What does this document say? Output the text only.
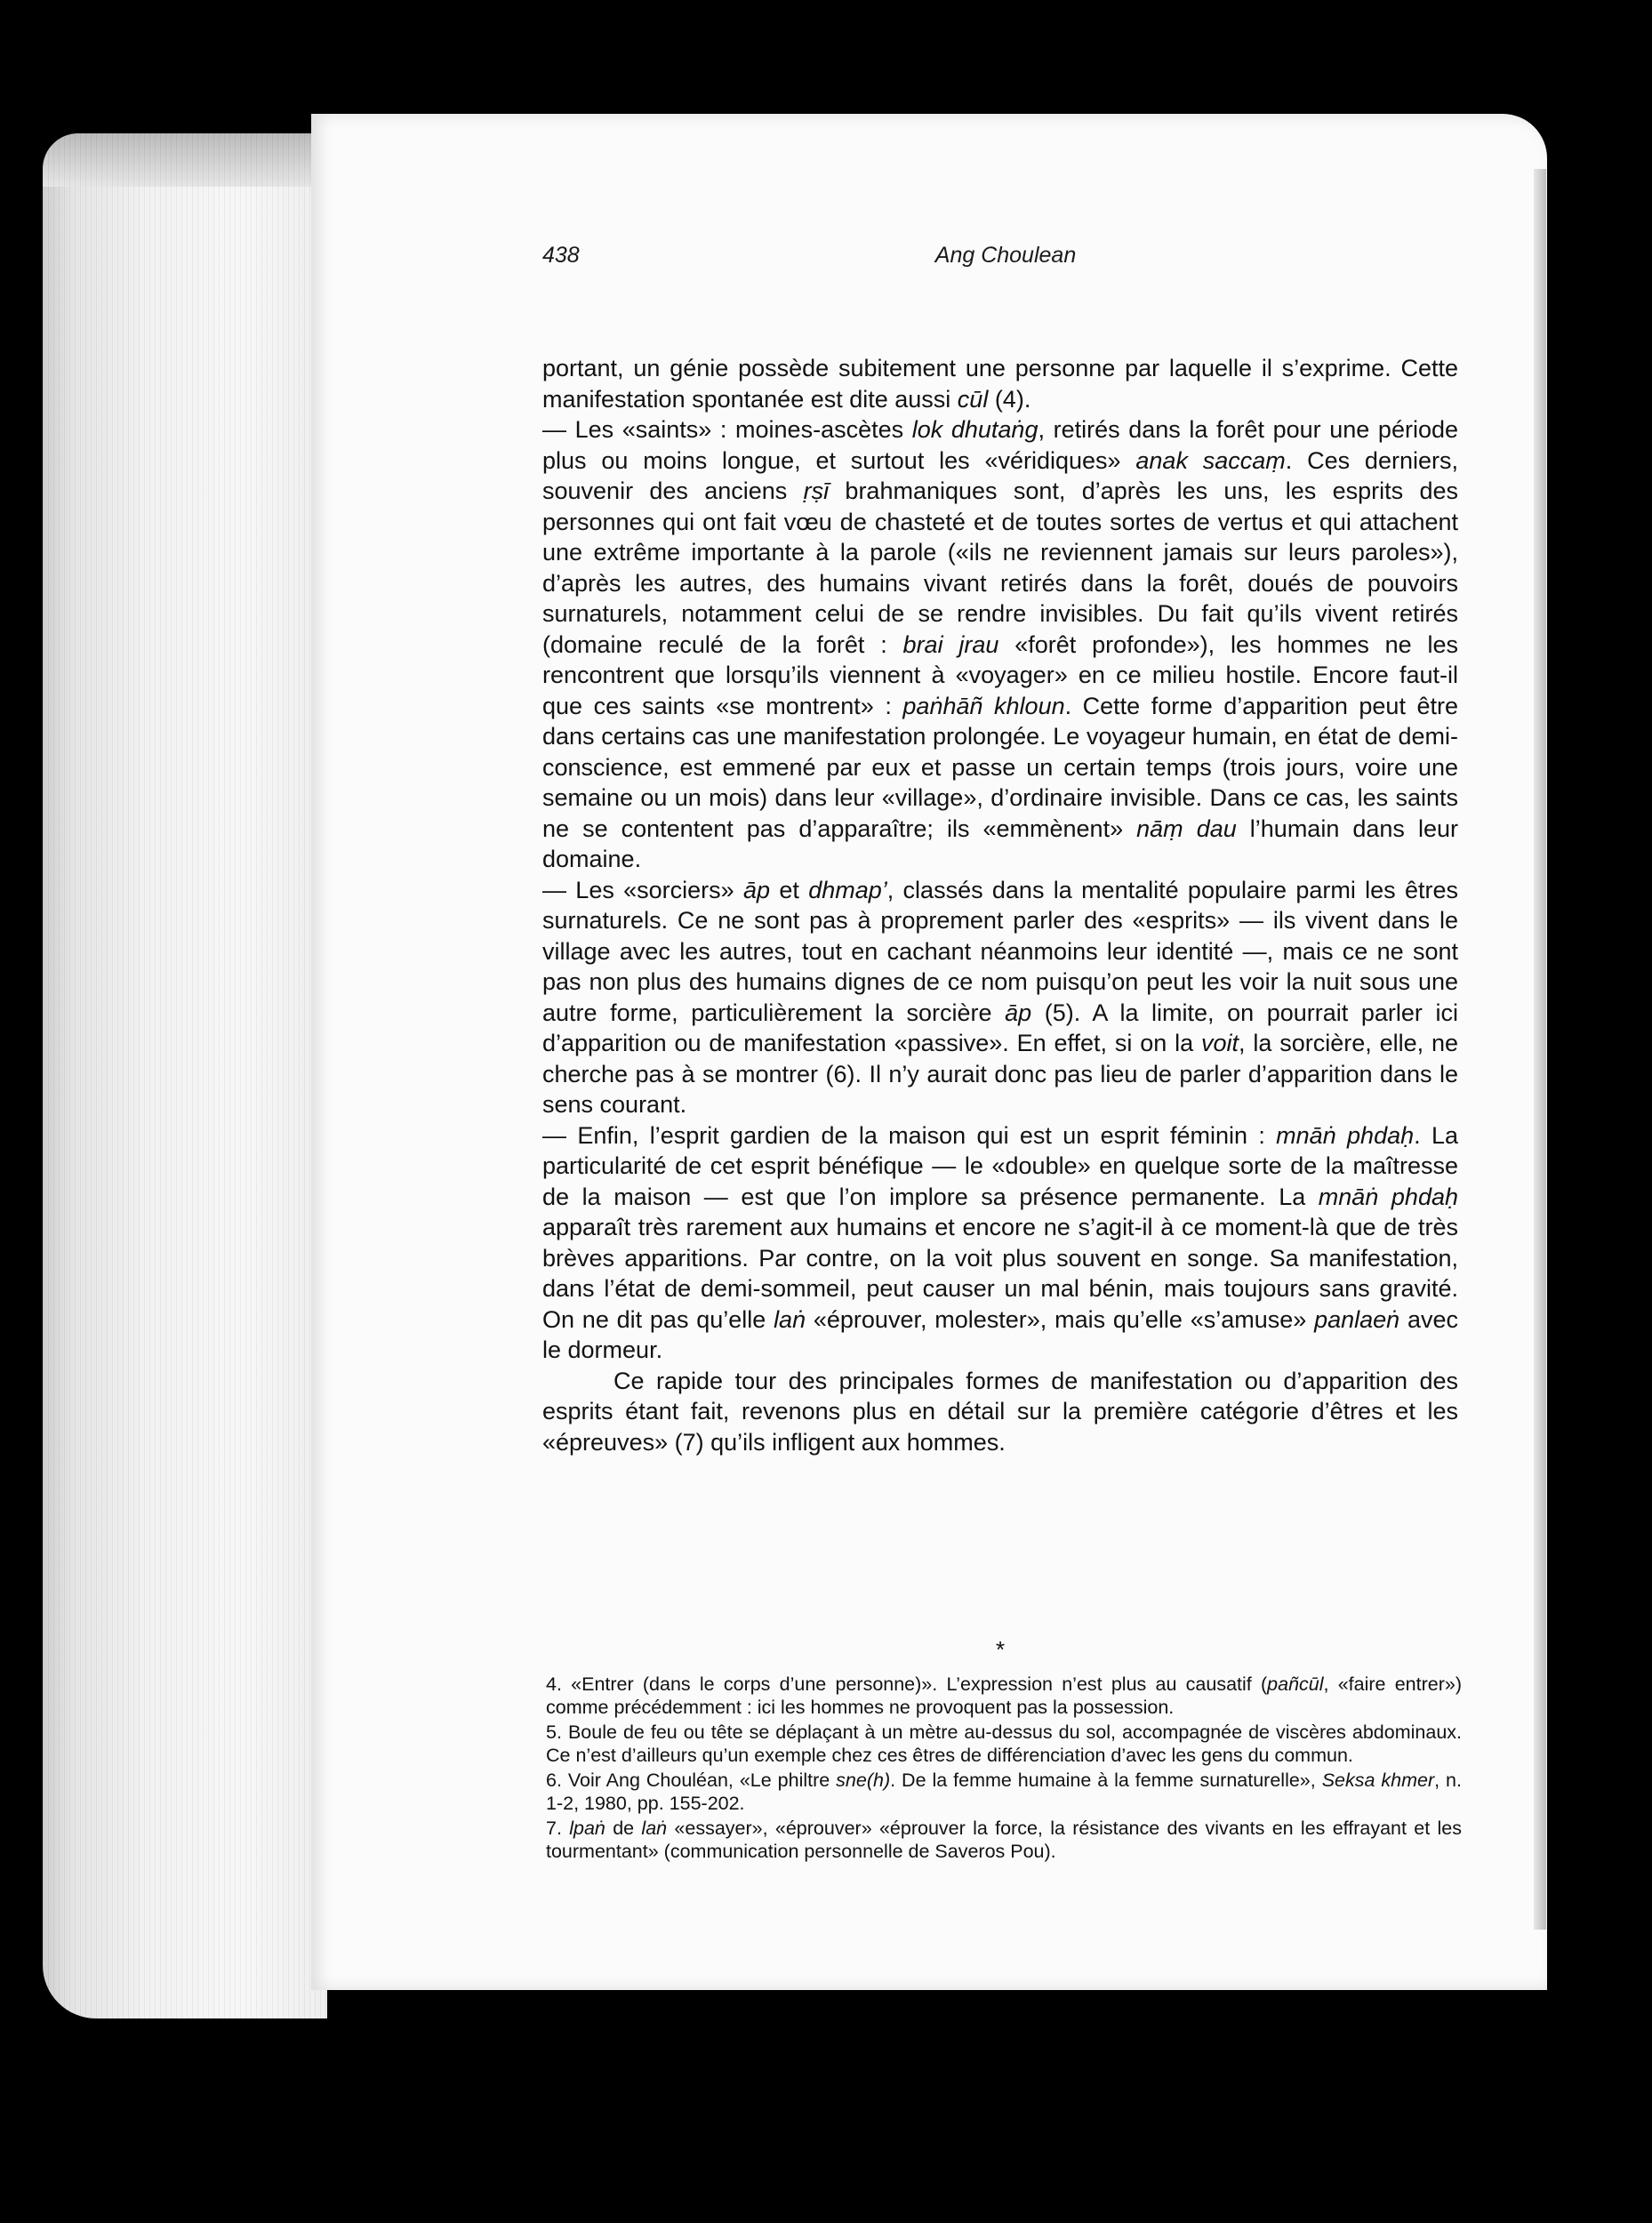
438	Ang Choulean

portant, un génie possède subitement une personne par laquelle il s’exprime. Cette manifestation spontanée est dite aussi cūl (4).

— Les «saints» : moines-ascètes lok dhutaṅg, retirés dans la forêt pour une période plus ou moins longue, et surtout les «véridiques» anak saccaṃ. Ces derniers, souvenir des anciens ṛṣī brahmaniques sont, d’après les uns, les esprits des personnes qui ont fait vœu de chasteté et de toutes sortes de vertus et qui attachent une extrême importante à la parole («ils ne reviennent jamais sur leurs paroles»), d’après les autres, des humains vivant retirés dans la forêt, doués de pouvoirs surnaturels, notamment celui de se rendre invisibles. Du fait qu’ils vivent retirés (domaine reculé de la forêt : brai jrau «forêt profonde»), les hommes ne les rencontrent que lorsqu’ils viennent à «voyager» en ce milieu hostile. Encore faut-il que ces saints «se montrent» : paṅhāñ khloun. Cette forme d’apparition peut être dans certains cas une manifestation prolongée. Le voyageur humain, en état de demi-conscience, est emmené par eux et passe un certain temps (trois jours, voire une semaine ou un mois) dans leur «village», d’ordinaire invisible. Dans ce cas, les saints ne se contentent pas d’apparaître; ils «emmènent» nāṃ dau l’humain dans leur domaine.

— Les «sorciers» āp et dhmap’, classés dans la mentalité populaire parmi les êtres surnaturels. Ce ne sont pas à proprement parler des «esprits» — ils vivent dans le village avec les autres, tout en cachant néanmoins leur identité —, mais ce ne sont pas non plus des humains dignes de ce nom puisqu’on peut les voir la nuit sous une autre forme, particulièrement la sorcière āp (5). A la limite, on pourrait parler ici d’apparition ou de manifestation «passive». En effet, si on la voit, la sorcière, elle, ne cherche pas à se montrer (6). Il n’y aurait donc pas lieu de parler d’apparition dans le sens courant.

— Enfin, l’esprit gardien de la maison qui est un esprit féminin : mnāṅ phdaḥ. La particularité de cet esprit bénéfique — le «double» en quelque sorte de la maîtresse de la maison — est que l’on implore sa présence permanente. La mnāṅ phdaḥ apparaît très rarement aux humains et encore ne s’agit-il à ce moment-là que de très brèves apparitions. Par contre, on la voit plus souvent en songe. Sa manifestation, dans l’état de demi-sommeil, peut causer un mal bénin, mais toujours sans gravité. On ne dit pas qu’elle laṅ «éprouver, molester», mais qu’elle «s’amuse» panlaeṅ avec le dormeur.

Ce rapide tour des principales formes de manifestation ou d’apparition des esprits étant fait, revenons plus en détail sur la première catégorie d’êtres et les «épreuves» (7) qu’ils infligent aux hommes.

*

4. «Entrer (dans le corps d’une personne)». L’expression n’est plus au causatif (pañcūl, «faire entrer») comme précédemment : ici les hommes ne provoquent pas la possession.

5. Boule de feu ou tête se déplaçant à un mètre au-dessus du sol, accompagnée de viscères abdominaux. Ce n’est d’ailleurs qu’un exemple chez ces êtres de différenciation d’avec les gens du commun.

6. Voir Ang Chouléan, «Le philtre sne(h). De la femme humaine à la femme surnaturelle», Seksa khmer, n. 1-2, 1980, pp. 155-202.

7. lpaṅ de laṅ «essayer», «éprouver» «éprouver la force, la résistance des vivants en les effrayant et les tourmentant» (communication personnelle de Saveros Pou).
